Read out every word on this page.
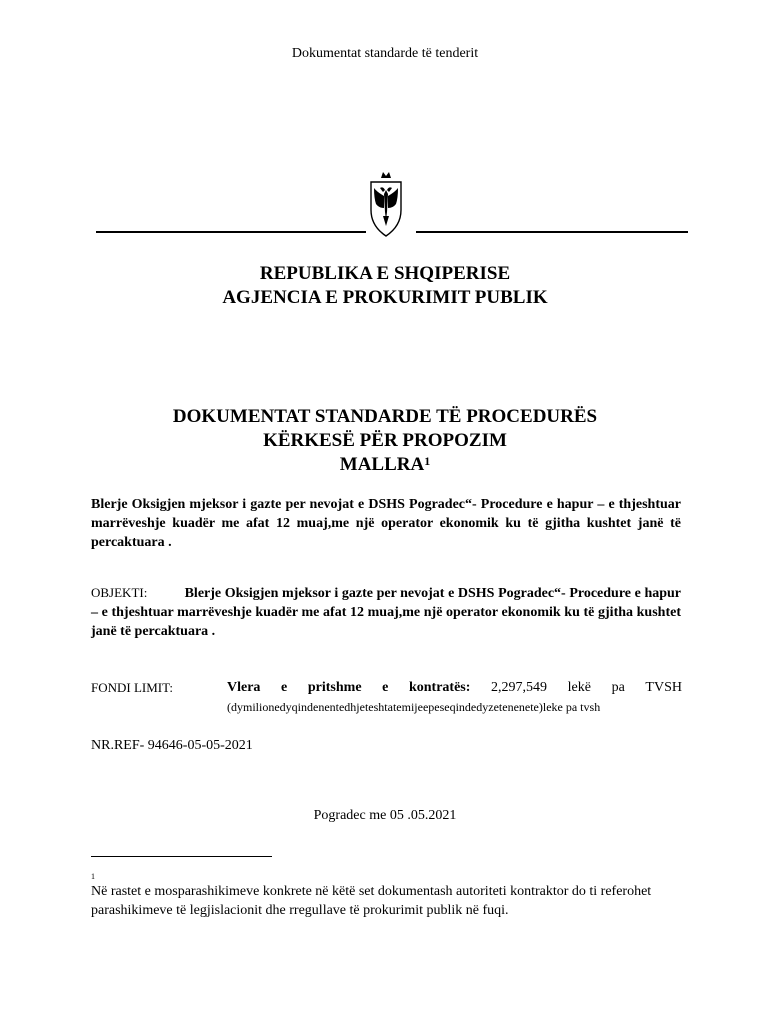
Dokumentat standarde të tenderit
REPUBLIKA E SHQIPERISE
AGJENCIA E PROKURIMIT PUBLIK
DOKUMENTAT STANDARDE TË PROCEDURËS
KËRKESË PËR PROPOZIM
MALLRA$^1$
Blerje Oksigjen mjeksor i gazte per nevojat e DSHS Pogradec“- Procedure e hapur – e thjeshtuar marrëveshje kuadër me afat 12 muaj,me një operator ekonomik ku të gjitha kushtet janë të percaktuara .
OBJEKTI:	Blerje Oksigjen mjeksor i gazte per nevojat e DSHS Pogradec“- Procedure e hapur – e thjeshtuar marrëveshje kuadër me afat 12 muaj,me një operator ekonomik ku të gjitha kushtet janë të percaktuara .
FONDI LIMIT:	Vlera e pritshme e kontratës: 2,297,549 lekë pa TVSH
(dymilionedyqindenentedhjeteshtatemijeepeseqindedyzetenenete)leke pa tvsh
NR.REF- 94646-05-05-2021
Pogradec me 05 .05.2021
1
Në rastet e mosparashikimeve konkrete në këtë set dokumentash autoriteti kontraktor do ti referohet parashikimeve të legjislacionit dhe rregullave të prokurimit publik në fuqi.
